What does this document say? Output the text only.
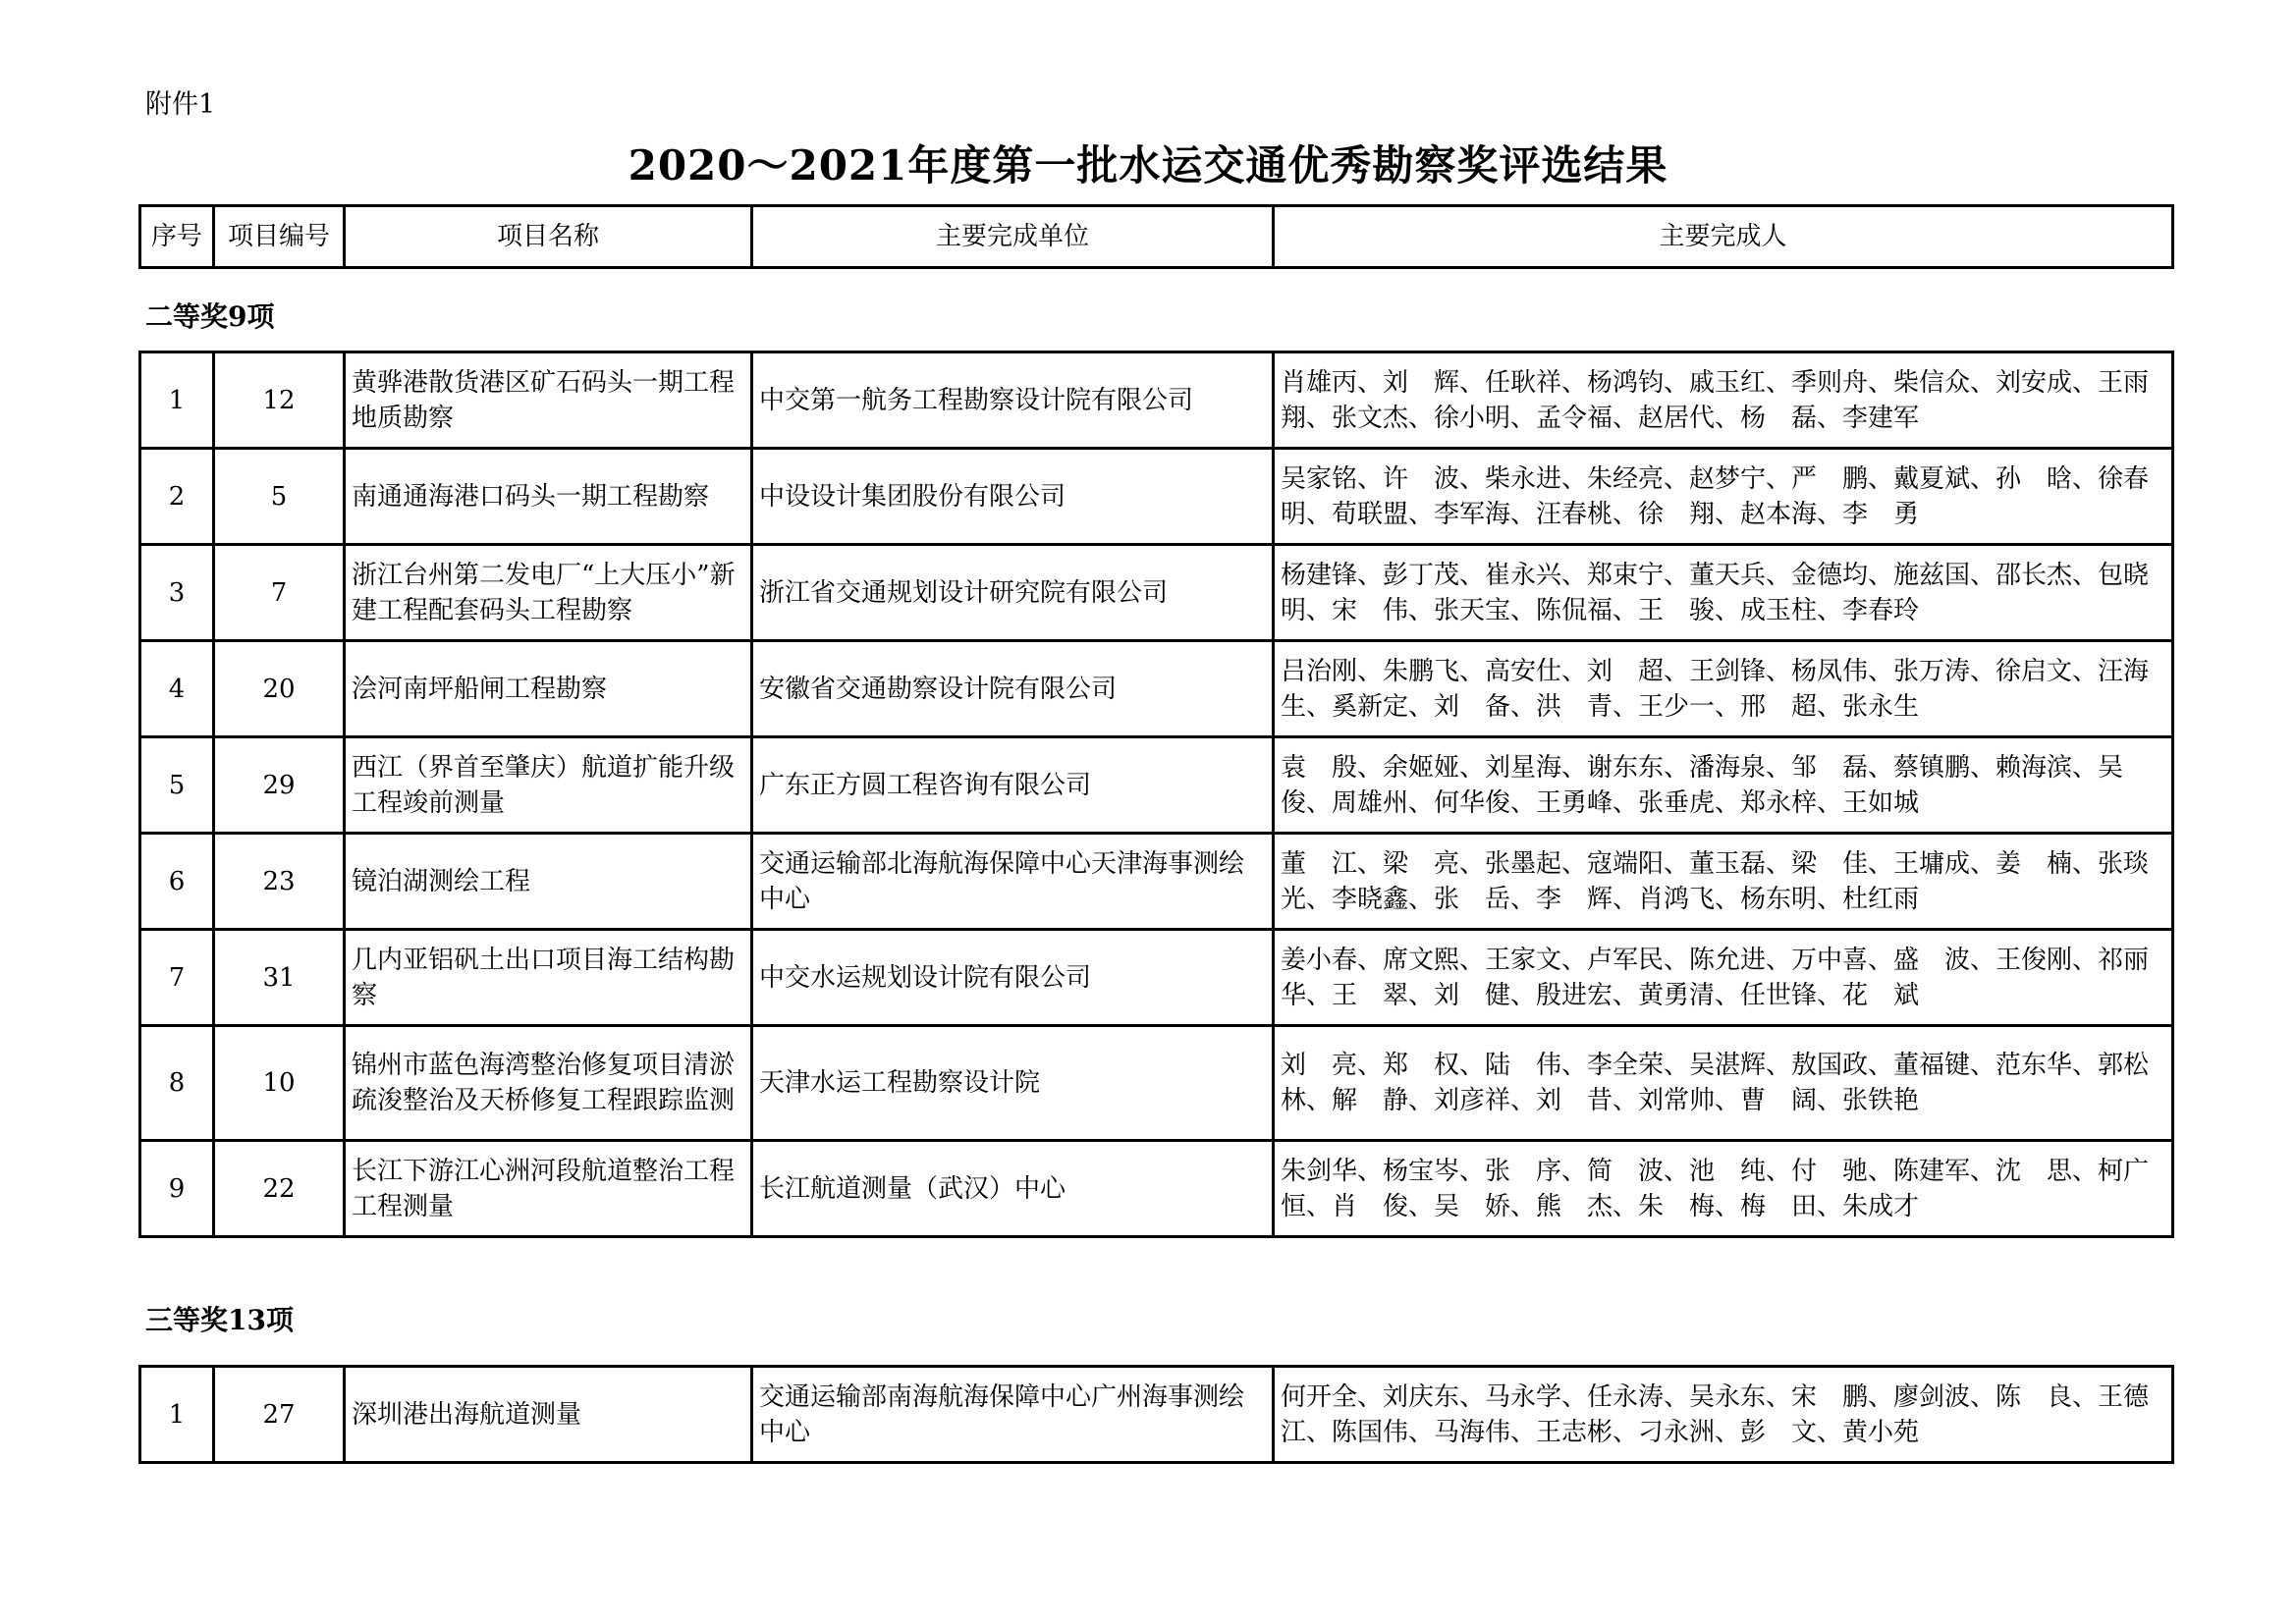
附件1
2020～2021年度第一批水运交通优秀勘察奖评选结果
序号	项目编号	项目名称	主要完成单位	主要完成人
二等奖9项
1	12	黄骅港散货港区矿石码头一期工程地质勘察	中交第一航务工程勘察设计院有限公司	肖雄丙、刘　辉、任耿祥、杨鸿钧、戚玉红、季则舟、柴信众、刘安成、王雨翔、张文杰、徐小明、孟令福、赵居代、杨　磊、李建军
2	5	南通通海港口码头一期工程勘察	中设设计集团股份有限公司	吴家铭、许　波、柴永进、朱经亮、赵梦宁、严　鹏、戴夏斌、孙　晗、徐春明、荀联盟、李军海、汪春桃、徐　翔、赵本海、李　勇
3	7	浙江台州第二发电厂“上大压小”新建工程配套码头工程勘察	浙江省交通规划设计研究院有限公司	杨建锋、彭丁茂、崔永兴、郑束宁、董天兵、金德均、施兹国、邵长杰、包晓明、宋　伟、张天宝、陈侃福、王　骏、成玉柱、李春玲
4	20	浍河南坪船闸工程勘察	安徽省交通勘察设计院有限公司	吕治刚、朱鹏飞、高安仕、刘　超、王剑锋、杨凤伟、张万涛、徐启文、汪海生、奚新定、刘　备、洪　青、王少一、邢　超、张永生
5	29	西江（界首至肇庆）航道扩能升级工程竣前测量	广东正方圆工程咨询有限公司	袁　殷、余姬娅、刘星海、谢东东、潘海泉、邹　磊、蔡镇鹏、赖海滨、吴　俊、周雄州、何华俊、王勇峰、张垂虎、郑永梓、王如城
6	23	镜泊湖测绘工程	交通运输部北海航海保障中心天津海事测绘中心	董　江、梁　亮、张墨起、寇端阳、董玉磊、梁　佳、王墉成、姜　楠、张琰光、李晓鑫、张　岳、李　辉、肖鸿飞、杨东明、杜红雨
7	31	几内亚铝矾土出口项目海工结构勘察	中交水运规划设计院有限公司	姜小春、席文熙、王家文、卢军民、陈允进、万中喜、盛　波、王俊刚、祁丽华、王　翠、刘　健、殷进宏、黄勇清、任世锋、花　斌
8	10	锦州市蓝色海湾整治修复项目清淤疏浚整治及天桥修复工程跟踪监测	天津水运工程勘察设计院	刘　亮、郑　权、陆　伟、李全荣、吴湛辉、敖国政、董福键、范东华、郭松林、解　静、刘彦祥、刘　昔、刘常帅、曹　阔、张铁艳
9	22	长江下游江心洲河段航道整治工程工程测量	长江航道测量（武汉）中心	朱剑华、杨宝岑、张　序、简　波、池　纯、付　驰、陈建军、沈　思、柯广恒、肖　俊、吴　娇、熊　杰、朱　梅、梅　田、朱成才
三等奖13项
1	27	深圳港出海航道测量	交通运输部南海航海保障中心广州海事测绘中心	何开全、刘庆东、马永学、任永涛、吴永东、宋　鹏、廖剑波、陈　良、王德江、陈国伟、马海伟、王志彬、刁永洲、彭　文、黄小苑
